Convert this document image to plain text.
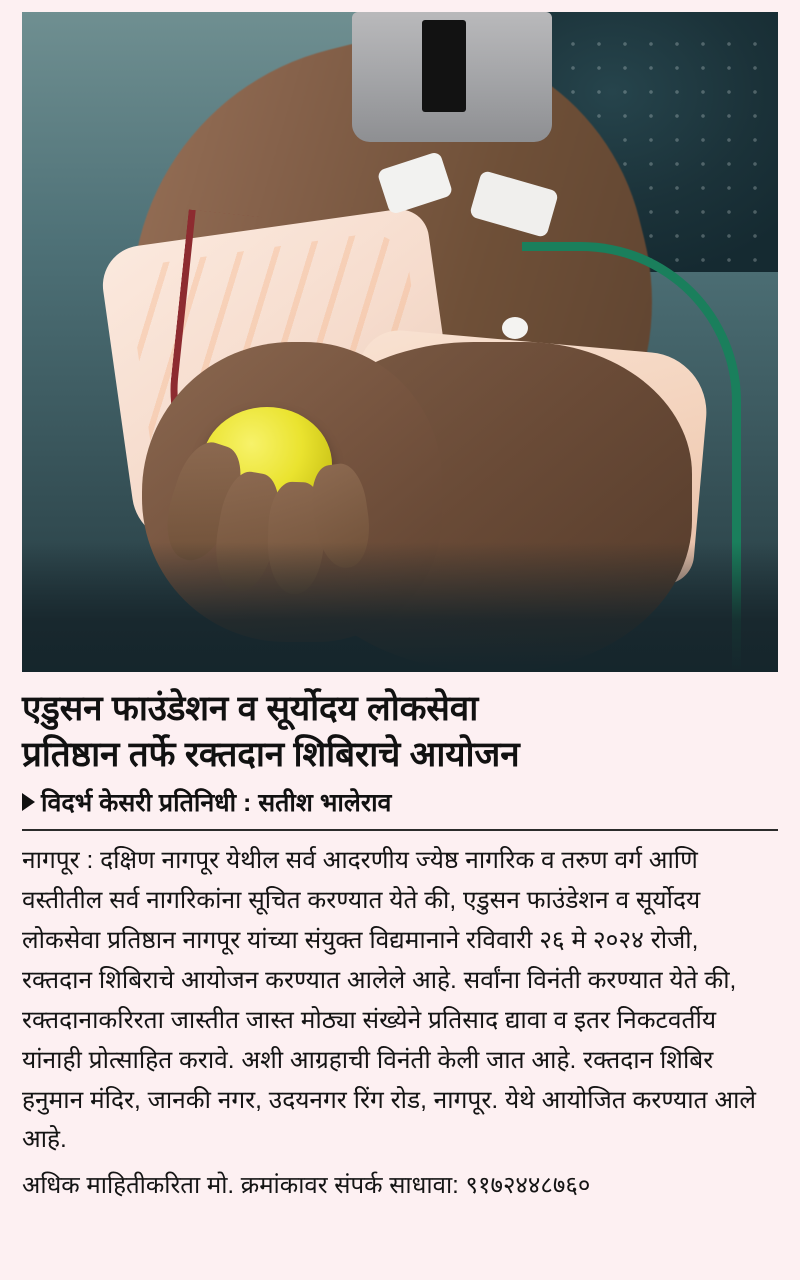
एडुसन फाउंडेशन व सूर्योदय लोकसेवा
प्रतिष्ठान तर्फे रक्तदान शिबिराचे आयोजन
विदर्भ केसरी प्रतिनिधी : सतीश भालेराव

नागपूर : दक्षिण नागपूर येथील सर्व आदरणीय ज्येष्ठ नागरिक व तरुण वर्ग आणि वस्तीतील सर्व नागरिकांना सूचित करण्यात येते की, एडुसन फाउंडेशन व सूर्योदय लोकसेवा प्रतिष्ठान नागपूर यांच्या संयुक्त विद्यमानाने रविवारी २६ मे २०२४ रोजी, रक्तदान शिबिराचे आयोजन करण्यात आलेले आहे. सर्वांना विनंती करण्यात येते की, रक्तदानाकरिरता जास्तीत जास्त मोठ्या संख्येने प्रतिसाद द्यावा व इतर निकटवर्तीय यांनाही प्रोत्साहित करावे. अशी आग्रहाची विनंती केली जात आहे. रक्तदान शिबिर हनुमान मंदिर, जानकी नगर, उदयनगर रिंग रोड, नागपूर. येथे आयोजित करण्यात आले आहे.

अधिक माहितीकरिता मो. क्रमांकावर संपर्क साधावा: ९१७२४४८७६०
